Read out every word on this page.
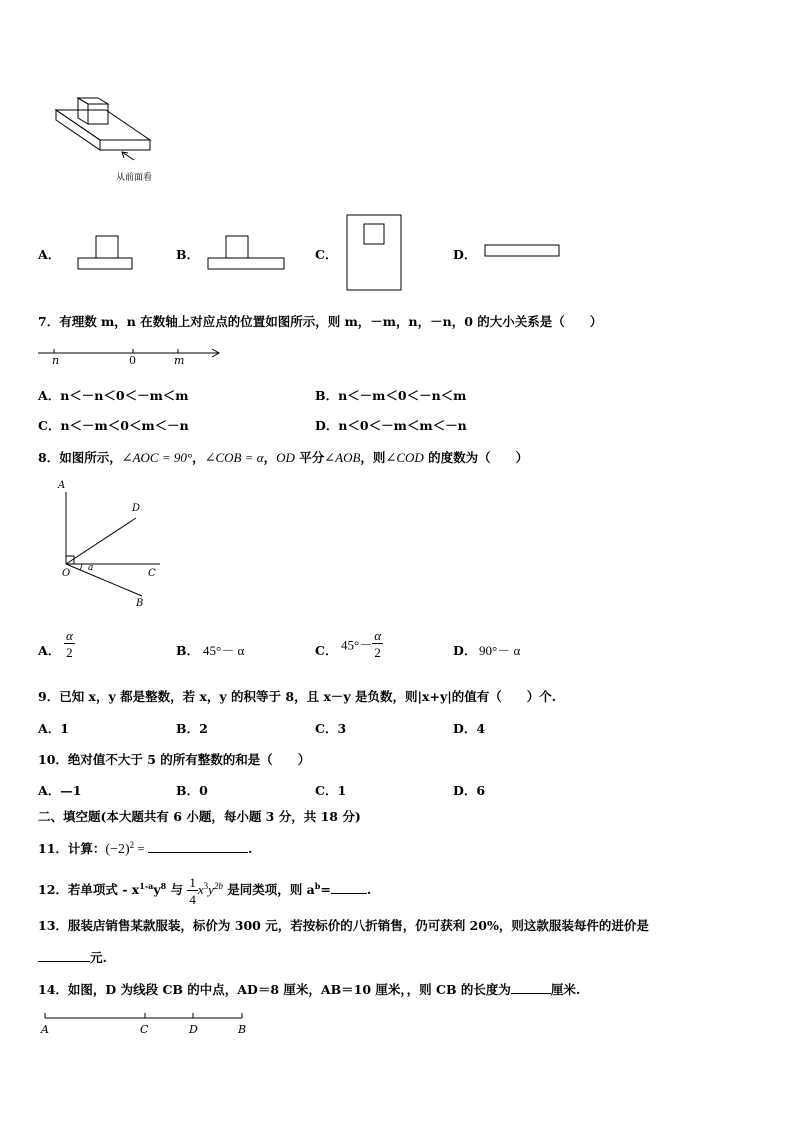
从前面看
A．	B．	C．	D．
7．有理数 m，n 在数轴上对应点的位置如图所示，则 m，－m，n，－n，0 的大小关系是（　　）
n	0	m
A．n＜－n＜0＜－m＜m	B．n＜－m＜0＜－n＜m
C．n＜－m＜0＜m＜－n	D．n＜0＜－m＜m＜－n
8．如图所示，∠AOC = 90°，∠COB = α，OD 平分∠AOB，则∠COD 的度数为（　　）
A
D
O a	C
B
A． $\frac{\alpha}{2}$	B． 45°－ α	C． $45^\circ- \frac{\alpha}{2}$	D． 90°－ α
9．已知 x，y 都是整数，若 x，y 的积等于 8，且 x－y 是负数，则|x+y|的值有（　　）个.
A．1	B．2	C．3	D．4
10．绝对值不大于 5 的所有整数的和是（　　）
A．—1	B．0	C．1	D．6
二、填空题(本大题共有 6 小题，每小题 3 分，共 18 分)
11．计算：$(-2)^2$ =	.
12．若单项式 - $x^{1-a}y^8$ 与 $\frac{1}{4} x^3y^{2b}$ 是同类项，则 $a^b=$	.
13．服装店销售某款服装，标价为 300 元，若按标价的八折销售，仍可获利 20%，则这款服装每件的进价是
元.
14．如图，D 为线段 CB 的中点，AD＝8 厘米，AB＝10 厘米，，则 CB 的长度为	厘米.
A	C	D	B
